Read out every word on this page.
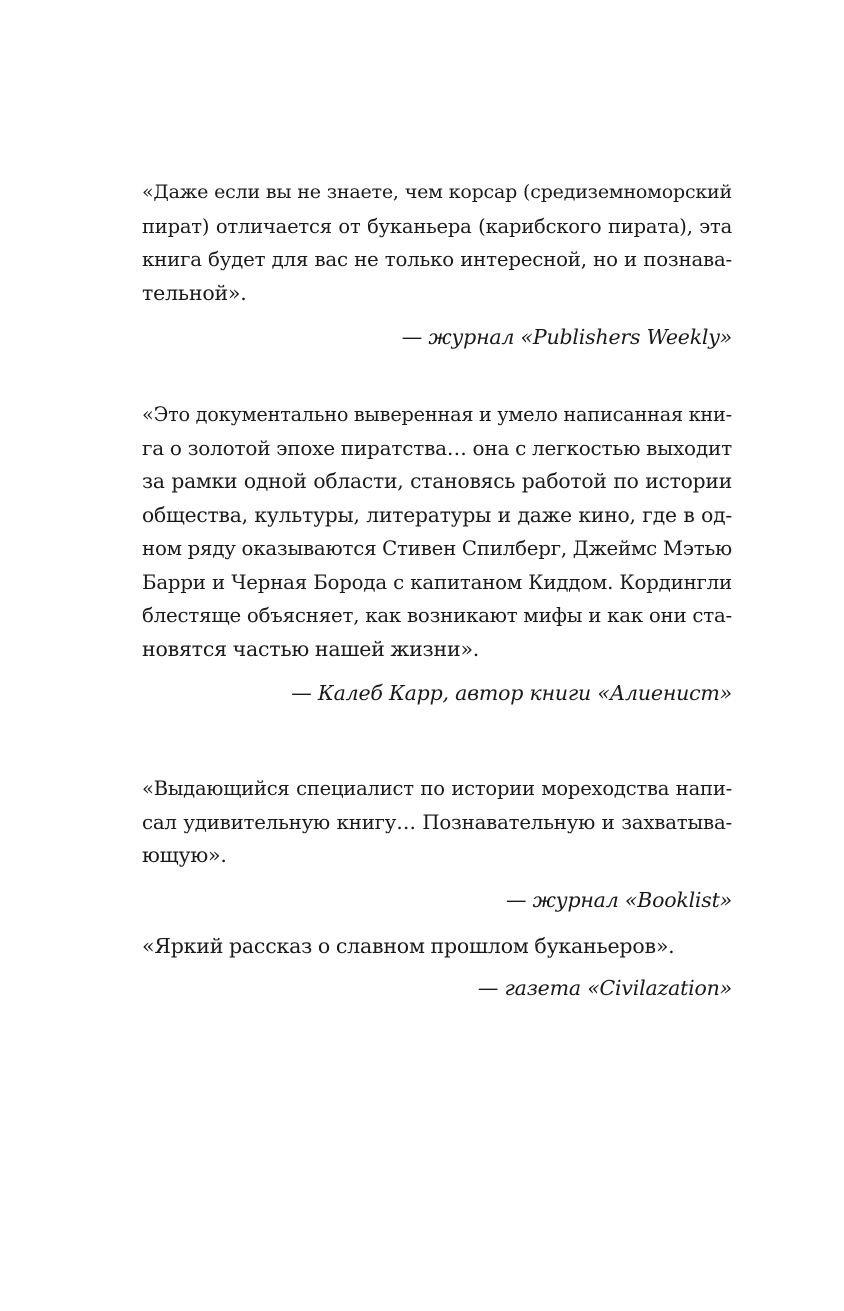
«Даже если вы не знаете, чем корсар (средиземноморский
пират) отличается от буканьера (карибского пирата), эта
книга будет для вас не только интересной, но и познава-
тельной».
— журнал «Publishers Weekly»
«Это документально выверенная и умело написанная кни-
га о золотой эпохе пиратства… она с легкостью выходит
за рамки одной области, становясь работой по истории
общества, культуры, литературы и даже кино, где в од-
ном ряду оказываются Стивен Спилберг, Джеймс Мэтью
Барри и Черная Борода с капитаном Киддом. Кордингли
блестяще объясняет, как возникают мифы и как они ста-
новятся частью нашей жизни».
— Калеб Карр, автор книги «Алиенист»
«Выдающийся специалист по истории мореходства напи-
сал удивительную книгу… Познавательную и захватыва-
ющую».
— журнал «Booklist»
«Яркий рассказ о славном прошлом буканьеров».
— газета «Civilazation»
